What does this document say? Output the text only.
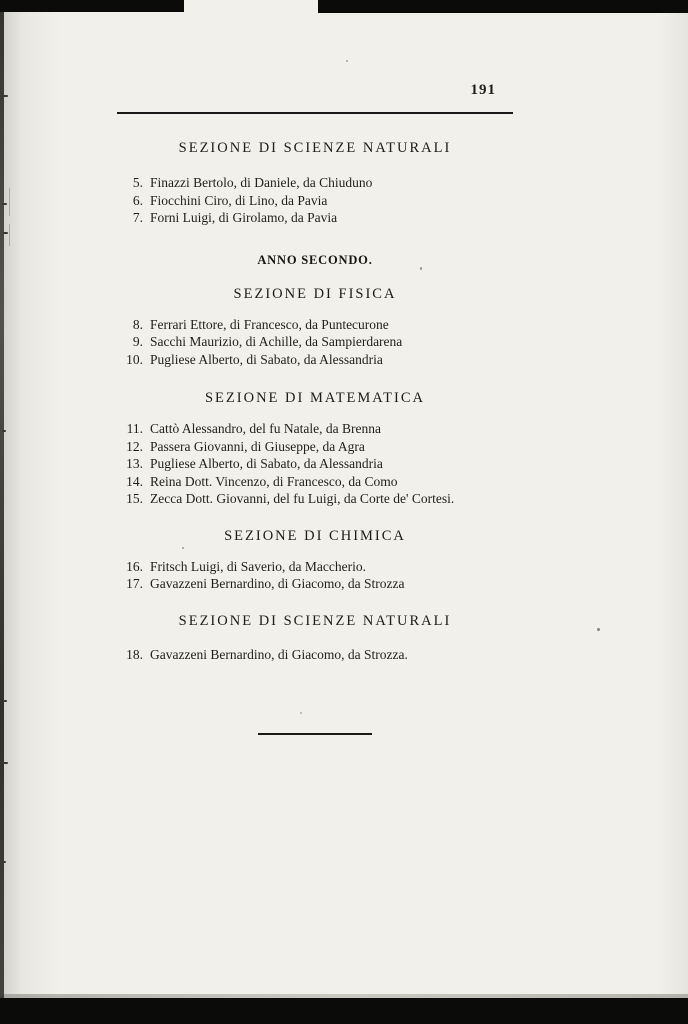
191
SEZIONE DI SCIENZE NATURALI
5. Finazzi Bertolo, di Daniele, da Chiuduno
6. Fiocchini Ciro, di Lino, da Pavia
7. Forni Luigi, di Girolamo, da Pavia
ANNO SECONDO.
SEZIONE DI FISICA
8. Ferrari Ettore, di Francesco, da Puntecurone
9. Sacchi Maurizio, di Achille, da Sampierdarena
10. Pugliese Alberto, di Sabato, da Alessandria
SEZIONE DI MATEMATICA
11. Cattò Alessandro, del fu Natale, da Brenna
12. Passera Giovanni, di Giuseppe, da Agra
13. Pugliese Alberto, di Sabato, da Alessandria
14. Reina Dott. Vincenzo, di Francesco, da Como
15. Zecca Dott. Giovanni, del fu Luigi, da Corte de' Cortesi.
SEZIONE DI CHIMICA
16. Fritsch Luigi, di Saverio, da Maccherio.
17. Gavazzeni Bernardino, di Giacomo, da Strozza
SEZIONE DI SCIENZE NATURALI
18. Gavazzeni Bernardino, di Giacomo, da Strozza.
